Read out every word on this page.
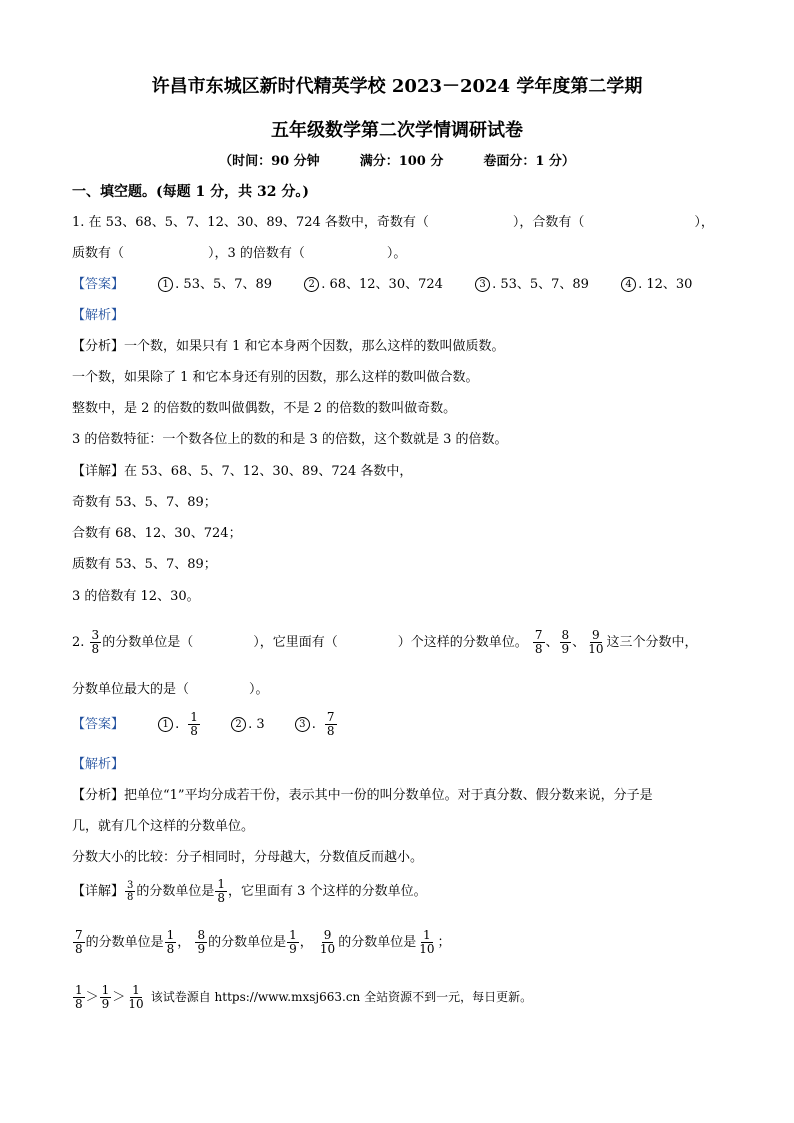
许昌市东城区新时代精英学校 2023－2024 学年度第二学期
五年级数学第二次学情调研试卷
（时间：90 分钟	满分：100 分	卷面分：1 分）
一、填空题。(每题 1 分，共 32 分。)
1. 在 53、68、5、7、12、30、89、724 各数中，奇数有（	），合数有（	），
质数有（	），3 的倍数有（	）。
【答案】	1 . 53、5、7、89	2 . 68、12、30、724	3 . 53、5、7、89	4 . 12、30
【解析】
【分析】一个数，如果只有 1 和它本身两个因数，那么这样的数叫做质数。
一个数，如果除了 1 和它本身还有别的因数，那么这样的数叫做合数。
整数中，是 2 的倍数的数叫做偶数，不是 2 的倍数的数叫做奇数。
3 的倍数特征：一个数各位上的数的和是 3 的倍数，这个数就是 3 的倍数。
【详解】在 53、68、5、7、12、30、89、724 各数中，
奇数有 53、5、7、89；
合数有 68、12、30、724；
质数有 53、5、7、89；
3 的倍数有 12、30。
2. $\frac{3}{8}$ 的分数单位是（	），它里面有（	）个这样的分数单位。 $\frac{7}{8}$ 、 $\frac{8}{9}$ 、 $\frac{9}{10}$ 这三个分数中，
分数单位最大的是（	）。
【答案】	1 . $\frac{1}{8}$	2 . 3	3 . $\frac{7}{8}$
【解析】
【分析】把单位“1”平均分成若干份，表示其中一份的叫分数单位。对于真分数、假分数来说，分子是
几，就有几个这样的分数单位。
分数大小的比较：分子相同时，分母越大，分数值反而越小。
【详解】 $\frac{3}{8}$ 的分数单位是 $\frac{1}{8}$ ，它里面有 3 个这样的分数单位。
$\frac{7}{8}$ 的分数单位是 $\frac{1}{8}$ ， $\frac{8}{9}$ 的分数单位是 $\frac{1}{9}$ ， $\frac{9}{10}$ 的分数单位是 $\frac{1}{10}$ ；
$\frac{1}{8} > \frac{1}{9} > \frac{1}{10}$ 该试卷源自 https://www.mxsj663.cn 全站资源不到一元，每日更新。
